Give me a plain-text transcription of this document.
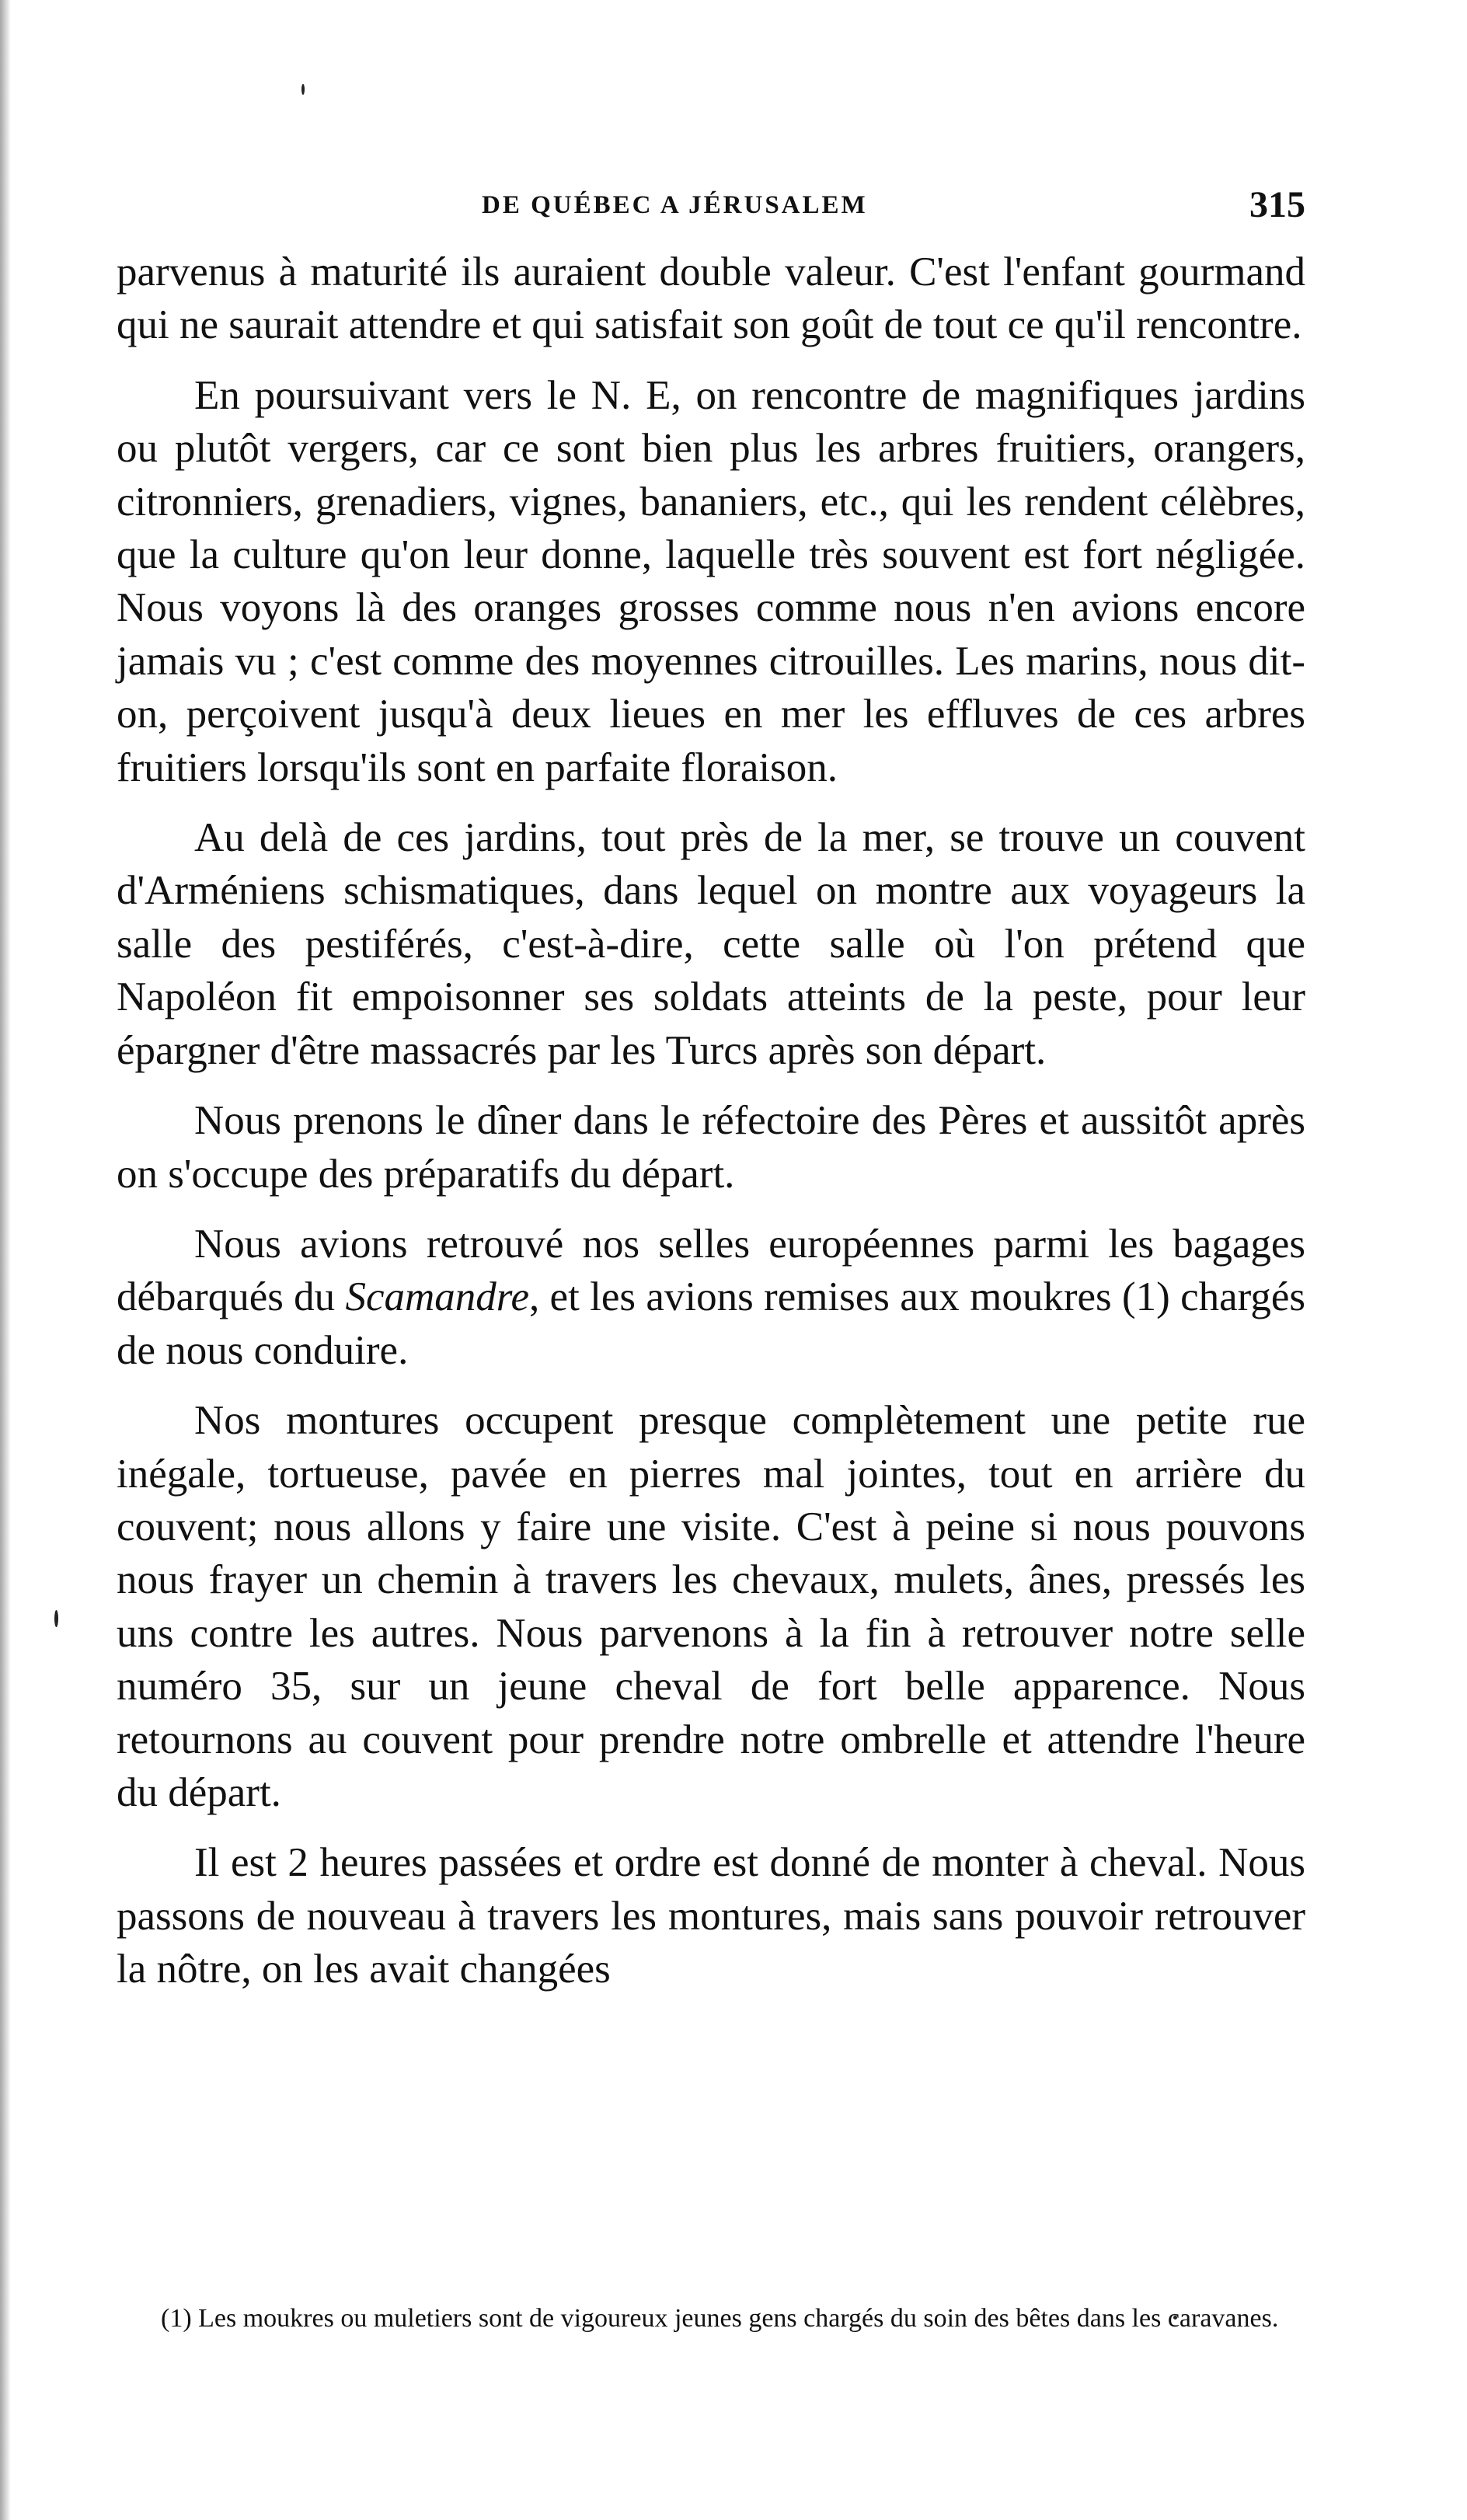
DE QUÉBEC A JÉRUSALEM	315

parvenus à maturité ils auraient double valeur. C'est l'enfant gourmand qui ne saurait attendre et qui satisfait son goût de tout ce qu'il rencontre.

En poursuivant vers le N. E, on rencontre de magnifiques jardins ou plutôt vergers, car ce sont bien plus les arbres fruitiers, orangers, citronniers, grenadiers, vignes, bananiers, etc., qui les rendent célèbres, que la culture qu'on leur donne, laquelle très souvent est fort négligée. Nous voyons là des oranges grosses comme nous n'en avions encore jamais vu ; c'est comme des moyennes citrouilles. Les marins, nous dit-on, perçoivent jusqu'à deux lieues en mer les effluves de ces arbres fruitiers lorsqu'ils sont en parfaite floraison.

Au delà de ces jardins, tout près de la mer, se trouve un couvent d'Arméniens schismatiques, dans lequel on montre aux voyageurs la salle des pestiférés, c'est-à-dire, cette salle où l'on prétend que Napoléon fit empoisonner ses soldats atteints de la peste, pour leur épargner d'être massacrés par les Turcs après son départ.

Nous prenons le dîner dans le réfectoire des Pères et aussitôt après on s'occupe des préparatifs du départ.

Nous avions retrouvé nos selles européennes parmi les bagages débarqués du Scamandre, et les avions remises aux moukres (1) chargés de nous conduire.

Nos montures occupent presque complètement une petite rue inégale, tortueuse, pavée en pierres mal jointes, tout en arrière du couvent; nous allons y faire une visite. C'est à peine si nous pouvons nous frayer un chemin à travers les chevaux, mulets, ânes, pressés les uns contre les autres. Nous parvenons à la fin à retrouver notre selle numéro 35, sur un jeune cheval de fort belle apparence. Nous retournons au couvent pour prendre notre ombrelle et attendre l'heure du départ.

Il est 2 heures passées et ordre est donné de monter à cheval. Nous passons de nouveau à travers les montures, mais sans pouvoir retrouver la nôtre, on les avait changées

(1) Les moukres ou muletiers sont de vigoureux jeunes gens chargés du soin des bêtes dans les caravanes.
